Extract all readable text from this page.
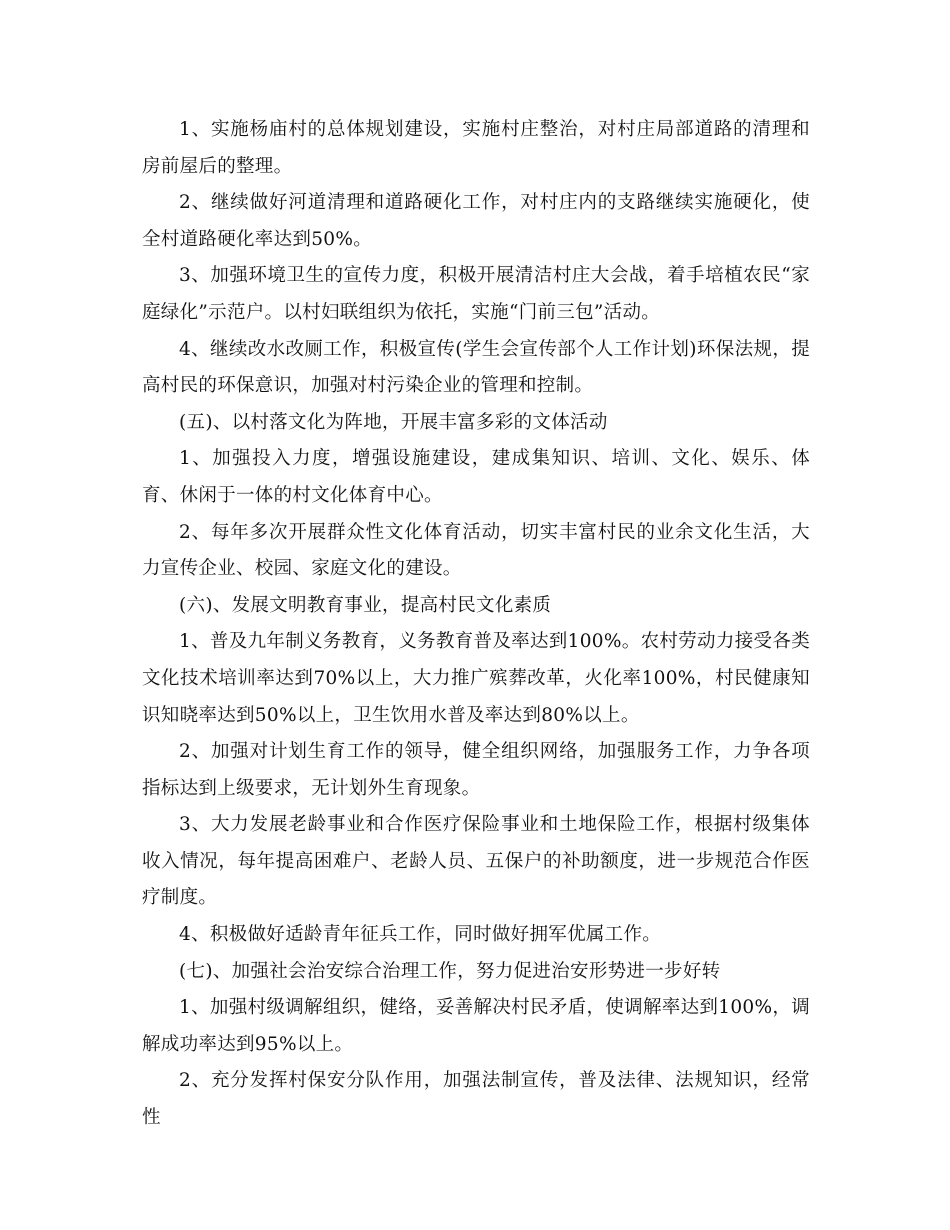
1、实施杨庙村的总体规划建设，实施村庄整治，对村庄局部道路的清理和房前屋后的整理。

2、继续做好河道清理和道路硬化工作，对村庄内的支路继续实施硬化，使全村道路硬化率达到50%。

3、加强环境卫生的宣传力度，积极开展清洁村庄大会战，着手培植农民“家庭绿化”示范户。以村妇联组织为依托，实施“门前三包”活动。

4、继续改水改厕工作，积极宣传(学生会宣传部个人工作计划)环保法规，提高村民的环保意识，加强对村污染企业的管理和控制。

(五)、以村落文化为阵地，开展丰富多彩的文体活动

1、加强投入力度，增强设施建设，建成集知识、培训、文化、娱乐、体育、休闲于一体的村文化体育中心。

2、每年多次开展群众性文化体育活动，切实丰富村民的业余文化生活，大力宣传企业、校园、家庭文化的建设。

(六)、发展文明教育事业，提高村民文化素质

1、普及九年制义务教育，义务教育普及率达到100%。农村劳动力接受各类文化技术培训率达到70%以上，大力推广殡葬改革，火化率100%，村民健康知识知晓率达到50%以上，卫生饮用水普及率达到80%以上。

2、加强对计划生育工作的领导，健全组织网络，加强服务工作，力争各项指标达到上级要求，无计划外生育现象。

3、大力发展老龄事业和合作医疗保险事业和土地保险工作，根据村级集体收入情况，每年提高困难户、老龄人员、五保户的补助额度，进一步规范合作医疗制度。

4、积极做好适龄青年征兵工作，同时做好拥军优属工作。

(七)、加强社会治安综合治理工作，努力促进治安形势进一步好转

1、加强村级调解组织，健络，妥善解决村民矛盾，使调解率达到100%，调解成功率达到95%以上。

2、充分发挥村保安分队作用，加强法制宣传，普及法律、法规知识，经常性
